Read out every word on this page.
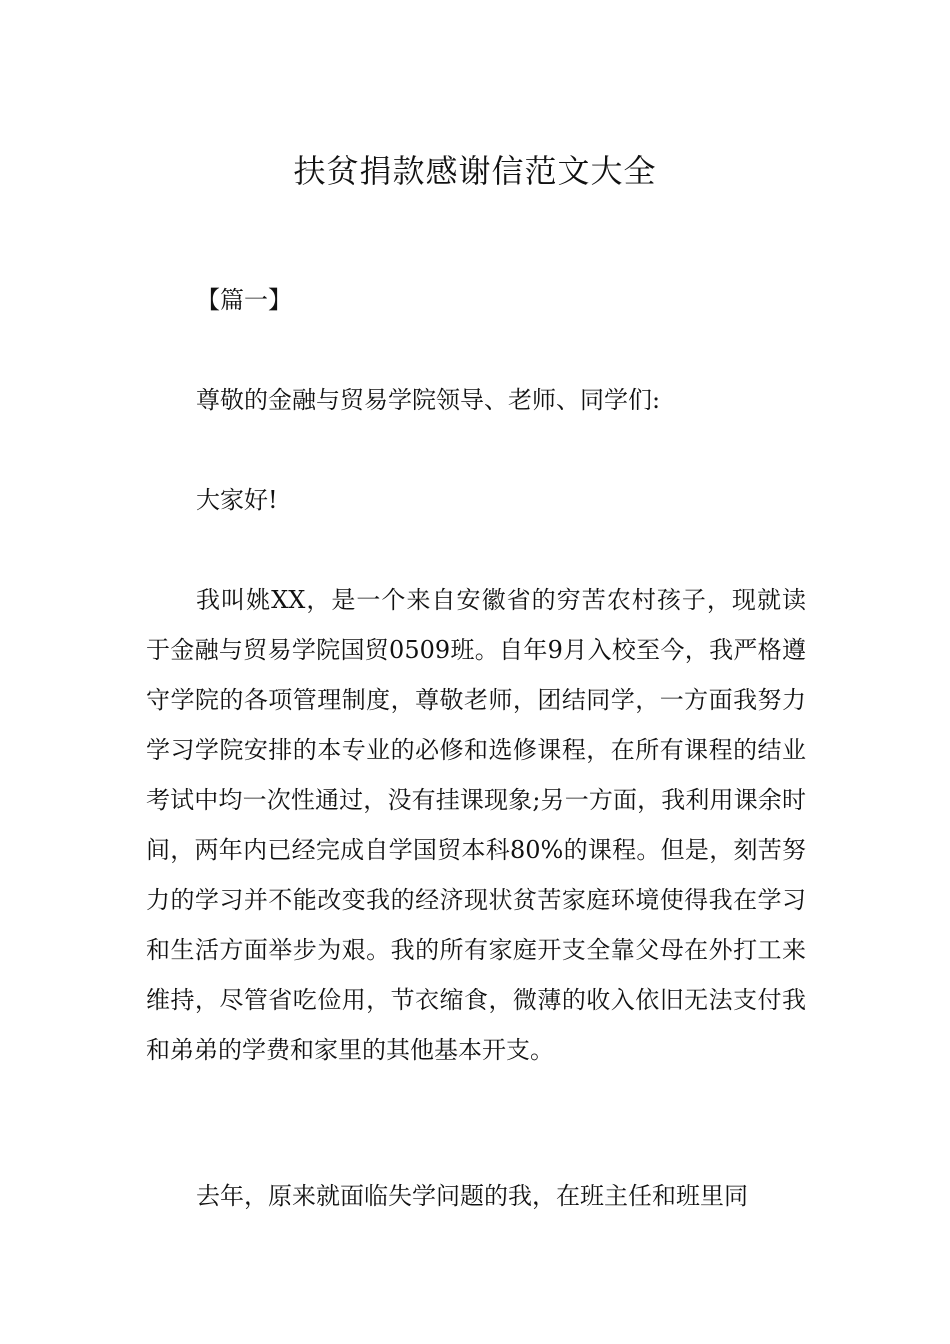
扶贫捐款感谢信范文大全
【篇一】

尊敬的金融与贸易学院领导、老师、同学们:

大家好!

我叫姚XX，是一个来自安徽省的穷苦农村孩子，现就读于金融与贸易学院国贸0509班。自年9月入校至今，我严格遵守学院的各项管理制度，尊敬老师，团结同学，一方面我努力学习学院安排的本专业的必修和选修课程，在所有课程的结业考试中均一次性通过，没有挂课现象;另一方面，我利用课余时间，两年内已经完成自学国贸本科80%的课程。但是，刻苦努力的学习并不能改变我的经济现状贫苦家庭环境使得我在学习和生活方面举步为艰。我的所有家庭开支全靠父母在外打工来维持，尽管省吃俭用，节衣缩食，微薄的收入依旧无法支付我和弟弟的学费和家里的其他基本开支。

去年，原来就面临失学问题的我，在班主任和班里同
